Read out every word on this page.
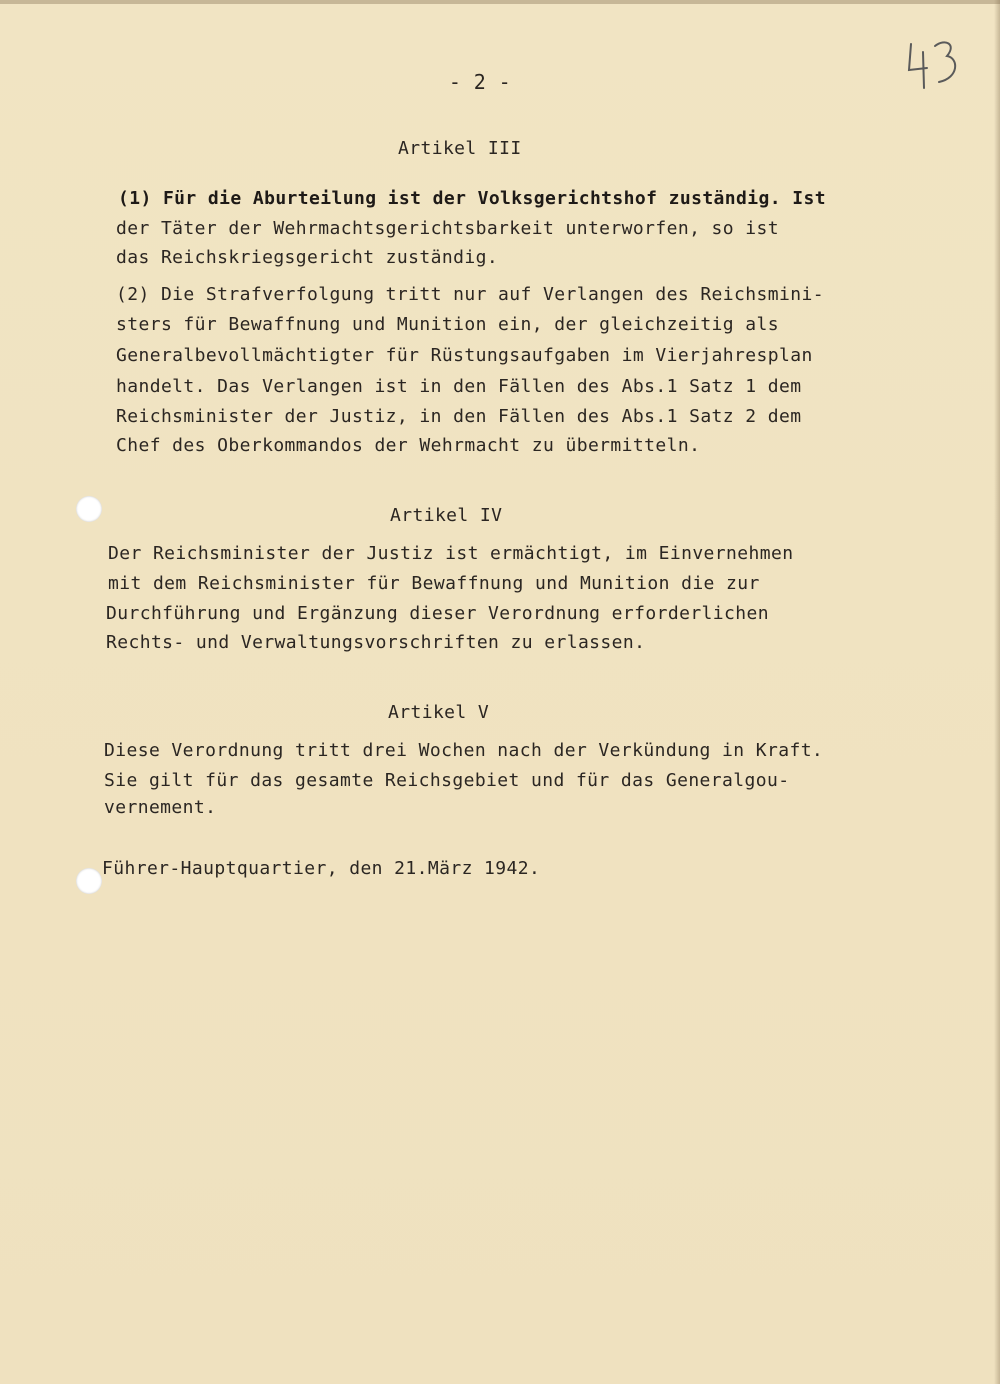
- 2 -
Artikel III
(1) Für die Aburteilung ist der Volksgerichtshof zuständig. Ist
der Täter der Wehrmachtsgerichtsbarkeit unterworfen, so ist
das Reichskriegsgericht zuständig.
(2) Die Strafverfolgung tritt nur auf Verlangen des Reichsmini-
sters für Bewaffnung und Munition ein, der gleichzeitig als
Generalbevollmächtigter für Rüstungsaufgaben im Vierjahresplan
handelt. Das Verlangen ist in den Fällen des Abs.1 Satz 1 dem
Reichsminister der Justiz, in den Fällen des Abs.1 Satz 2 dem
Chef des Oberkommandos der Wehrmacht zu übermitteln.
Artikel IV
Der Reichsminister der Justiz ist ermächtigt, im Einvernehmen
mit dem Reichsminister für Bewaffnung und Munition die zur
Durchführung und Ergänzung dieser Verordnung erforderlichen
Rechts- und Verwaltungsvorschriften zu erlassen.
Artikel V
Diese Verordnung tritt drei Wochen nach der Verkündung in Kraft.
Sie gilt für das gesamte Reichsgebiet und für das Generalgou-
vernement.
Führer-Hauptquartier, den 21.März 1942.
